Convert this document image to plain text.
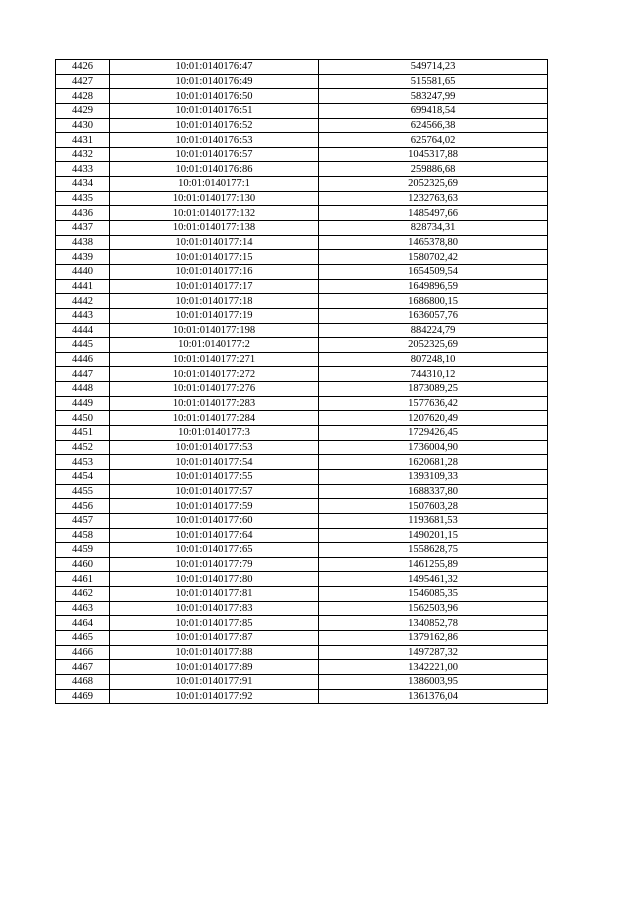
4426	10:01:0140176:47	549714,23
4427	10:01:0140176:49	515581,65
4428	10:01:0140176:50	583247,99
4429	10:01:0140176:51	699418,54
4430	10:01:0140176:52	624566,38
4431	10:01:0140176:53	625764,02
4432	10:01:0140176:57	1045317,88
4433	10:01:0140176:86	259886,68
4434	10:01:0140177:1	2052325,69
4435	10:01:0140177:130	1232763,63
4436	10:01:0140177:132	1485497,66
4437	10:01:0140177:138	828734,31
4438	10:01:0140177:14	1465378,80
4439	10:01:0140177:15	1580702,42
4440	10:01:0140177:16	1654509,54
4441	10:01:0140177:17	1649896,59
4442	10:01:0140177:18	1686800,15
4443	10:01:0140177:19	1636057,76
4444	10:01:0140177:198	884224,79
4445	10:01:0140177:2	2052325,69
4446	10:01:0140177:271	807248,10
4447	10:01:0140177:272	744310,12
4448	10:01:0140177:276	1873089,25
4449	10:01:0140177:283	1577636,42
4450	10:01:0140177:284	1207620,49
4451	10:01:0140177:3	1729426,45
4452	10:01:0140177:53	1736004,90
4453	10:01:0140177:54	1620681,28
4454	10:01:0140177:55	1393109,33
4455	10:01:0140177:57	1688337,80
4456	10:01:0140177:59	1507603,28
4457	10:01:0140177:60	1193681,53
4458	10:01:0140177:64	1490201,15
4459	10:01:0140177:65	1558628,75
4460	10:01:0140177:79	1461255,89
4461	10:01:0140177:80	1495461,32
4462	10:01:0140177:81	1546085,35
4463	10:01:0140177:83	1562503,96
4464	10:01:0140177:85	1340852,78
4465	10:01:0140177:87	1379162,86
4466	10:01:0140177:88	1497287,32
4467	10:01:0140177:89	1342221,00
4468	10:01:0140177:91	1386003,95
4469	10:01:0140177:92	1361376,04
